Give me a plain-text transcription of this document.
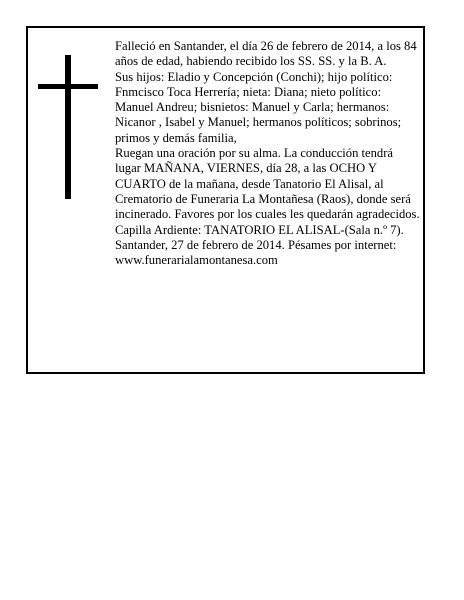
Falleció en Santander, el día 26 de febrero de 2014, a los 84 años de edad, habiendo recibido los SS. SS. y la B. A.

Sus hijos: Eladio y Concepción (Conchi); hijo político: Fnmcisco Toca Herrería; nieta: Diana; nieto político: Manuel Andreu; bisnietos: Manuel y Carla; hermanos: Nicanor , Isabel y Manuel; hermanos políticos; sobrinos; primos y demás familia,

Ruegan una oración por su alma. La conducción tendrá lugar MAÑANA, VIERNES, día 28, a las OCHO Y CUARTO de la mañana, desde Tanatorio El Alisal, al Crematorio de Funeraria La Montañesa (Raos), donde será incinerado. Favores por los cuales les quedarán agradecidos. Capilla Ardiente: TANATORIO EL ALISAL-(Sala n.º 7).

Santander, 27 de febrero de 2014. Pésames por internet: www.funerarialamontanesa.com
